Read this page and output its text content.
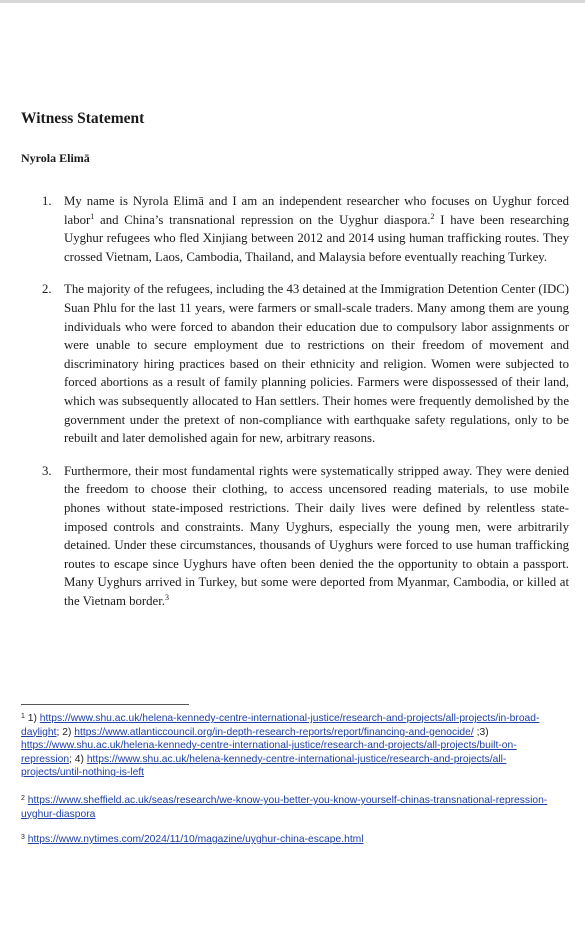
Witness Statement
Nyrola Elimā
1. My name is Nyrola Elimā and I am an independent researcher who focuses on Uyghur forced labor$^1$ and China’s transnational repression on the Uyghur diaspora.$^2$ I have been researching Uyghur refugees who fled Xinjiang between 2012 and 2014 using human trafficking routes. They crossed Vietnam, Laos, Cambodia, Thailand, and Malaysia before eventually reaching Turkey.
2. The majority of the refugees, including the 43 detained at the Immigration Detention Center (IDC) Suan Phlu for the last 11 years, were farmers or small-scale traders. Many among them are young individuals who were forced to abandon their education due to compulsory labor assignments or were unable to secure employment due to restrictions on their freedom of movement and discriminatory hiring practices based on their ethnicity and religion. Women were subjected to forced abortions as a result of family planning policies. Farmers were dispossessed of their land, which was subsequently allocated to Han settlers. Their homes were frequently demolished by the government under the pretext of non-compliance with earthquake safety regulations, only to be rebuilt and later demolished again for new, arbitrary reasons.
3. Furthermore, their most fundamental rights were systematically stripped away. They were denied the freedom to choose their clothing, to access uncensored reading materials, to use mobile phones without state-imposed restrictions. Their daily lives were defined by relentless state-imposed controls and constraints. Many Uyghurs, especially the young men, were arbitrarily detained. Under these circumstances, thousands of Uyghurs were forced to use human trafficking routes to escape since Uyghurs have often been denied the the opportunity to obtain a passport. Many Uyghurs arrived in Turkey, but some were deported from Myanmar, Cambodia, or killed at the Vietnam border.$^3$
$^1$ 1) https://www.shu.ac.uk/helena-kennedy-centre-international-justice/research-and-projects/all-projects/in-broad-daylight; 2) https://www.atlanticcouncil.org/in-depth-research-reports/report/financing-and-genocide/ ;3) https://www.shu.ac.uk/helena-kennedy-centre-international-justice/research-and-projects/all-projects/built-on-repression; 4) https://www.shu.ac.uk/helena-kennedy-centre-international-justice/research-and-projects/all-projects/until-nothing-is-left
$^2$ https://www.sheffield.ac.uk/seas/research/we-know-you-better-you-know-yourself-chinas-transnational-repression-uyghur-diaspora
$^3$ https://www.nytimes.com/2024/11/10/magazine/uyghur-china-escape.html
